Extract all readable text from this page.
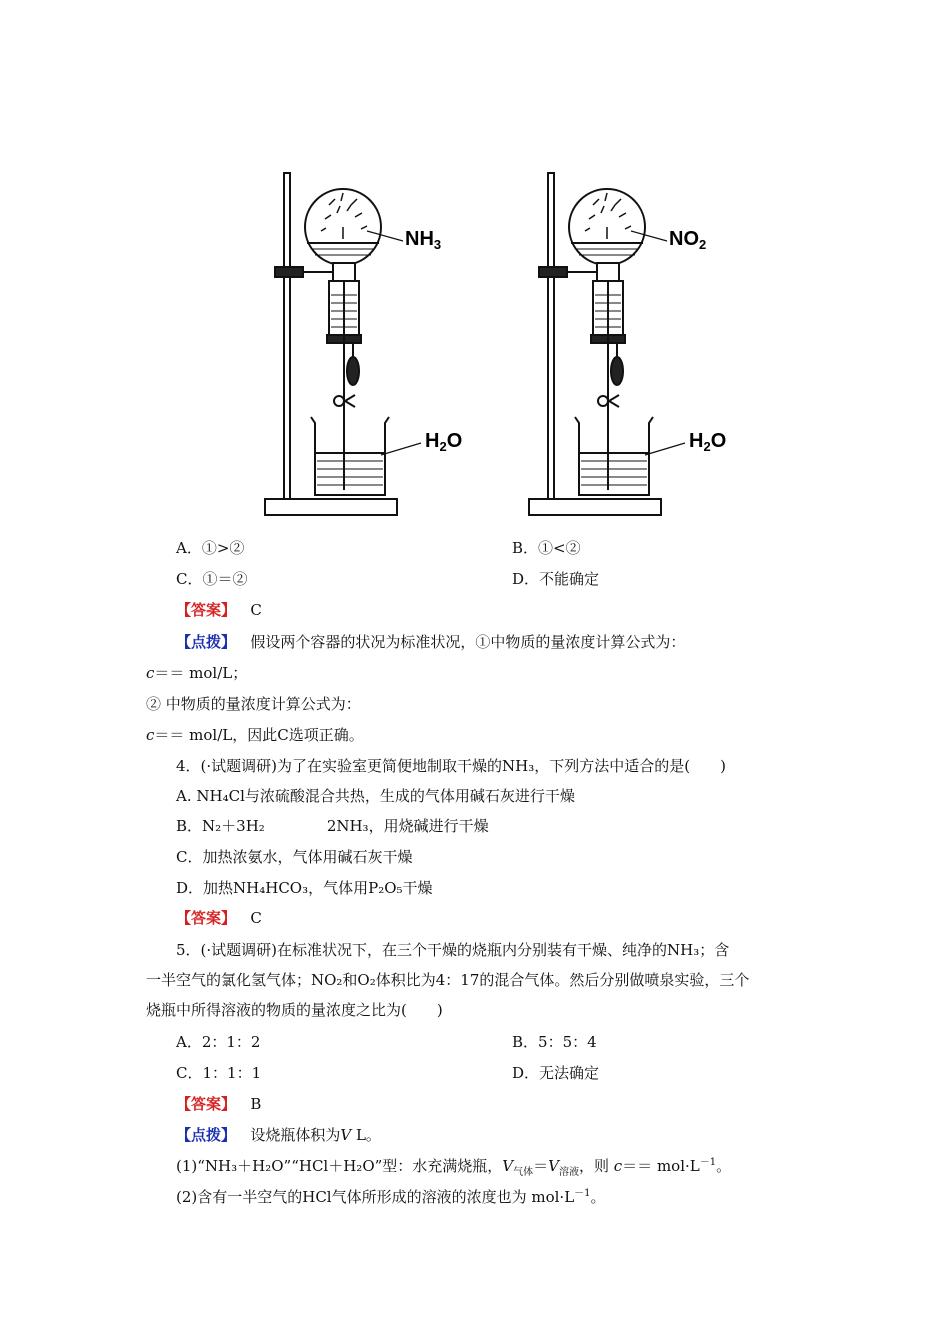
$NH_3$
$H_2O$
$NO_2$
$H_2O$
A．①>②	B．①<②
C．①＝②	D．不能确定
【答案】 C
【点拨】 假设两个容器的状况为标准状况，①中物质的量浓度计算公式为：
c＝＝ mol/L；
② 中物质的量浓度计算公式为：
c＝＝ mol/L，因此C选项正确。
4．(·试题调研)为了在实验室更简便地制取干燥的NH₃，下列方法中适合的是(　　)
A. NH₄Cl与浓硫酸混合共热，生成的气体用碱石灰进行干燥
B．N₂＋3H₂	2NH₃，用烧碱进行干燥
C．加热浓氨水，气体用碱石灰干燥
D．加热NH₄HCO₃，气体用P₂O₅干燥
【答案】 C
5．(·试题调研)在标准状况下，在三个干燥的烧瓶内分别装有干燥、纯净的NH₃；含
一半空气的氯化氢气体；NO₂和O₂体积比为4：17的混合气体。然后分别做喷泉实验，三个
烧瓶中所得溶液的物质的量浓度之比为(　　)
A．2：1：2	B．5：5：4
C．1：1：1	D．无法确定
【答案】 B
【点拨】 设烧瓶体积为V L。
(1)“NH₃＋H₂O”“HCl＋H₂O”型：水充满烧瓶，$V_{气体}=V_{溶液}$，则 $c== mol\cdot L^{-1}$。
(2)含有一半空气的HCl气体所形成的溶液的浓度也为 $mol\cdot L^{-1}$。
